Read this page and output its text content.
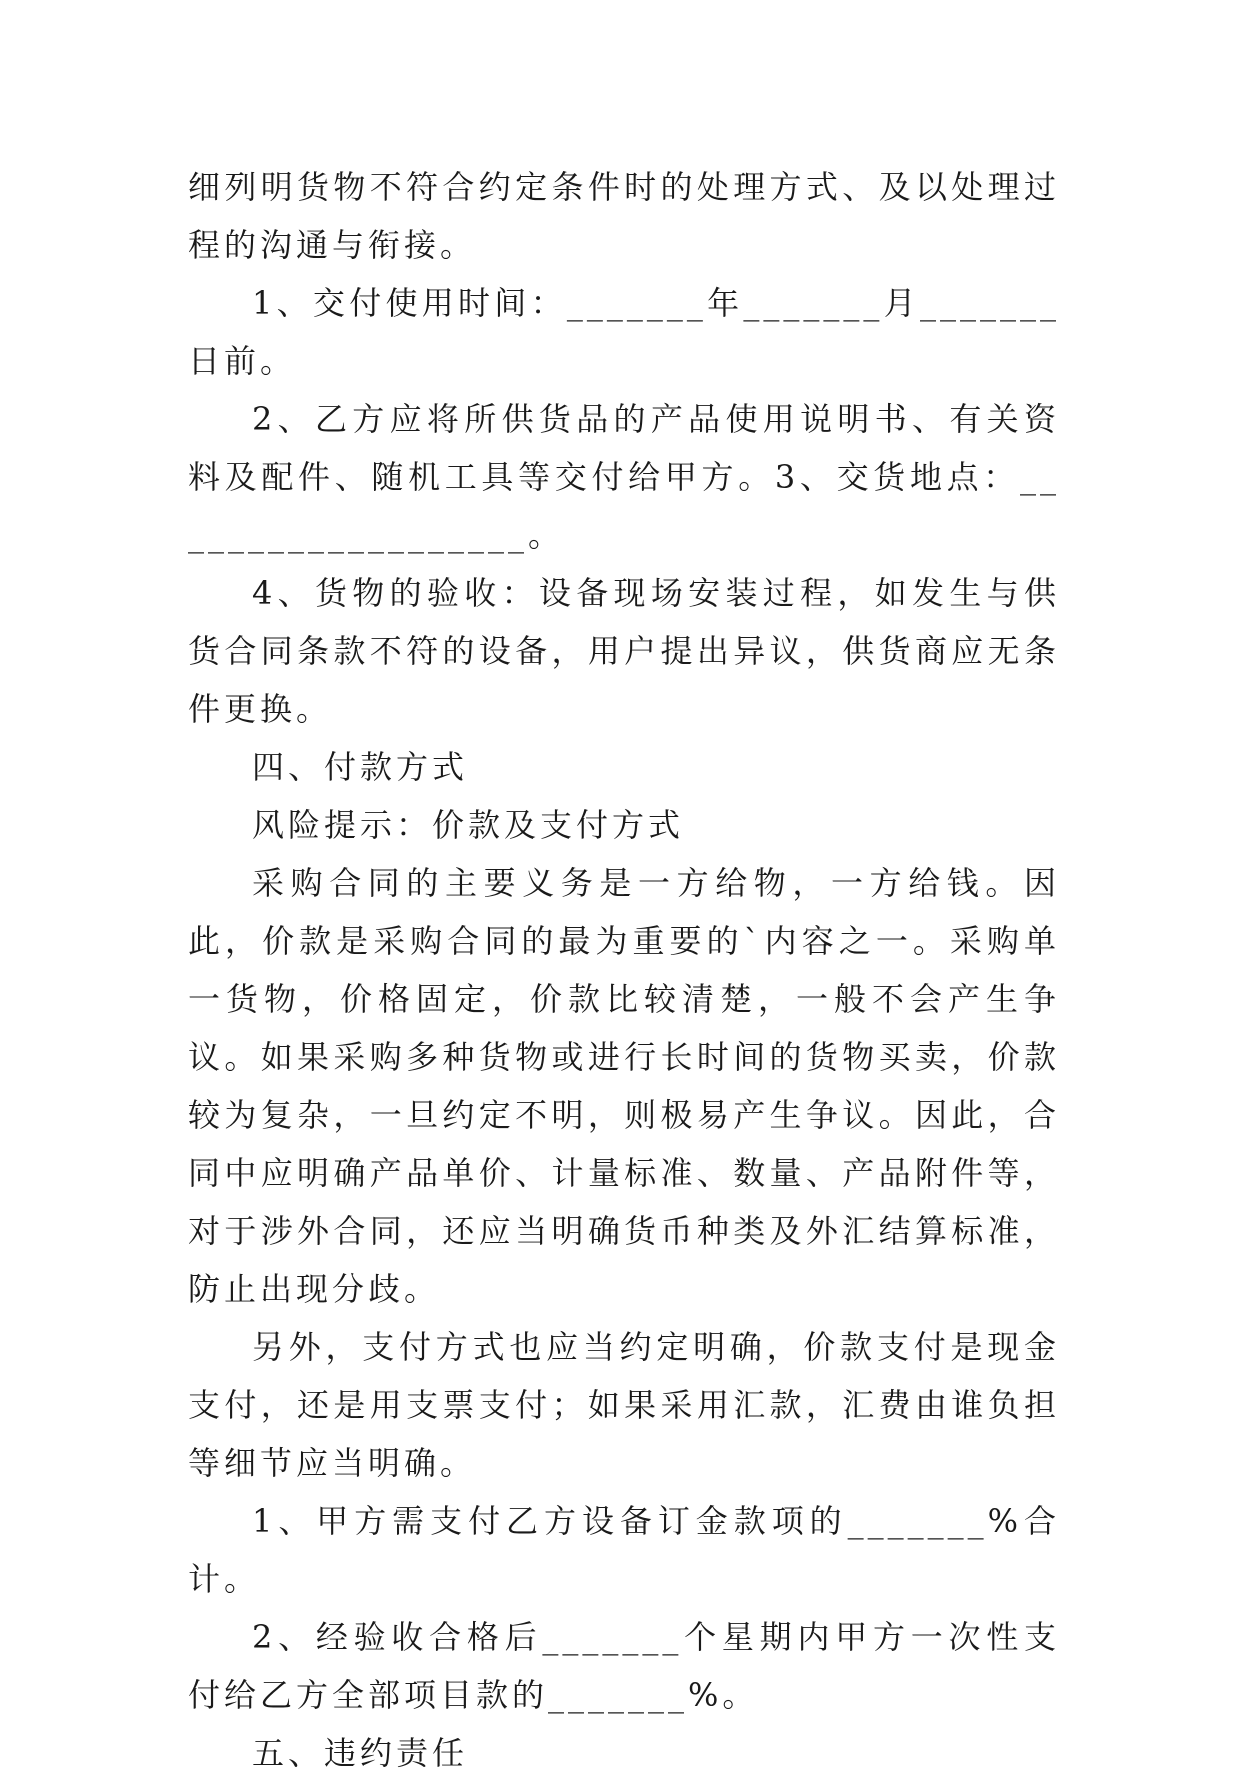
细列明货物不符合约定条件时的处理方式、及以处理过程的沟通与衔接。

1、交付使用时间：_______年_______月_______日前。

2、乙方应将所供货品的产品使用说明书、有关资料及配件、随机工具等交付给甲方。3、交货地点：___________________。

4、货物的验收：设备现场安装过程，如发生与供货合同条款不符的设备，用户提出异议，供货商应无条件更换。

四、付款方式

风险提示：价款及支付方式

采购合同的主要义务是一方给物，一方给钱。因此，价款是采购合同的最为重要的`内容之一。采购单一货物，价格固定，价款比较清楚，一般不会产生争议。如果采购多种货物或进行长时间的货物买卖，价款较为复杂，一旦约定不明，则极易产生争议。因此，合同中应明确产品单价、计量标准、数量、产品附件等，对于涉外合同，还应当明确货币种类及外汇结算标准，防止出现分歧。

另外，支付方式也应当约定明确，价款支付是现金支付，还是用支票支付；如果采用汇款，汇费由谁负担等细节应当明确。

1、甲方需支付乙方设备订金款项的_______%合计。

2、经验收合格后_______个星期内甲方一次性支付给乙方全部项目款的_______%。

五、违约责任
